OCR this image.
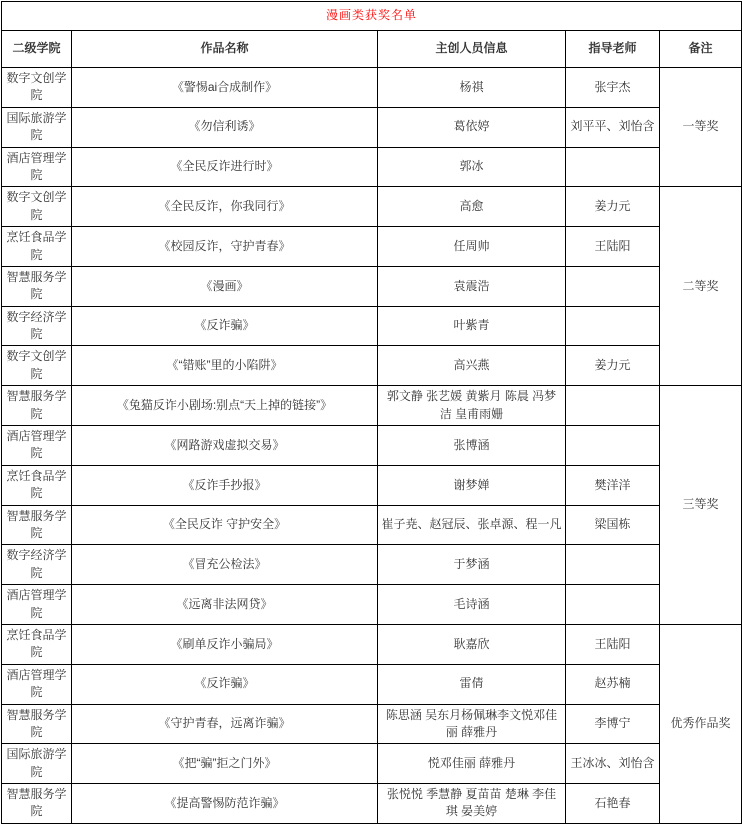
漫画类获奖名单				
二级学院	作品名称	主创人员信息	指导老师	备注
数字文创学院	《警惕ai合成制作》	杨祺	张宇杰	一等奖
国际旅游学院	《勿信利诱》	葛依婷	刘平平、刘怡含	
酒店管理学院	《全民反诈进行时》	郭冰		
数字文创学院	《全民反诈，你我同行》	高愈	姜力元	二等奖
烹饪食品学院	《校园反诈，守护青春》	任周帅	王陆阳	
智慧服务学院	《漫画》	袁震浩		
数字经济学院	《反诈骗》	叶紫青		
数字文创学院	《“错账”里的小陷阱》	高兴燕	姜力元	
智慧服务学院	《兔猫反诈小剧场:别点“天上掉的链接”》	郭文静 张艺媛 黄紫月 陈晨 冯梦洁 皇甫雨姗		三等奖
酒店管理学院	《网路游戏虚拟交易》	张博涵		
烹饪食品学院	《反诈手抄报》	谢梦婵	樊洋洋	
智慧服务学院	《全民反诈 守护安全》	崔子尭、赵冠辰、张卓源、程一凡	梁国栋	
数字经济学院	《冒充公检法》	于梦涵		
酒店管理学院	《远离非法网贷》	毛诗涵		
烹饪食品学院	《刷单反诈小骗局》	耿嘉欣	王陆阳	优秀作品奖
酒店管理学院	《反诈骗》	雷倩	赵苏楠	
智慧服务学院	《守护青春，远离诈骗》	陈思涵 吴东月杨佩琳李文悦邓佳丽 薛雅丹	李博宁	
国际旅游学院	《把“骗”拒之门外》	悦邓佳丽 薛雅丹	王冰冰、刘怡含	
智慧服务学院	《提高警惕防范诈骗》	张悦悦 季慧静 夏苗苗 楚琳 李佳琪 晏美婷	石艳春	
